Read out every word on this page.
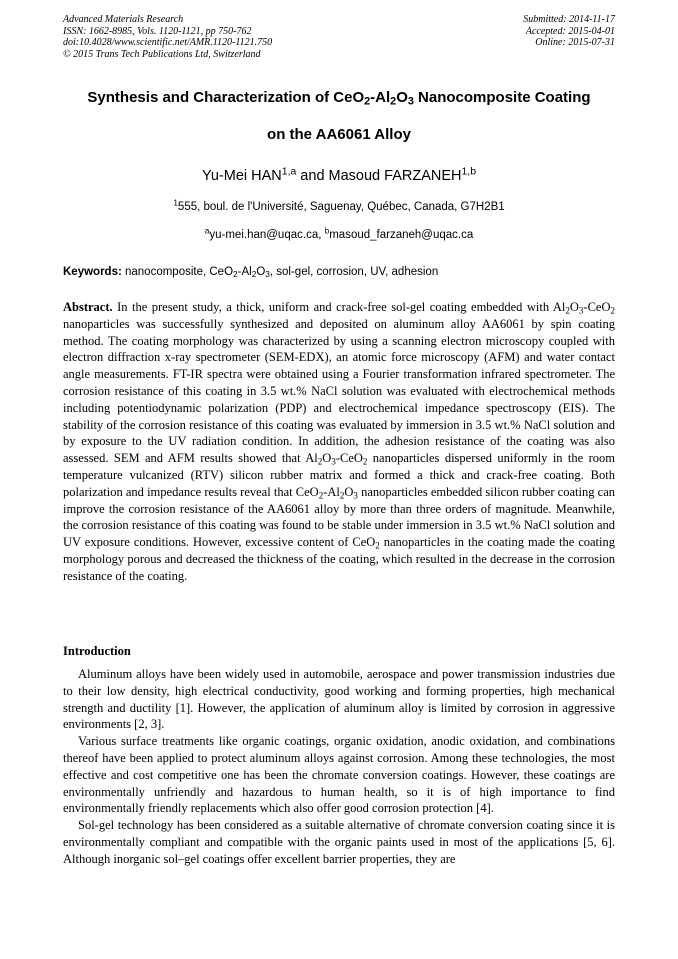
Advanced Materials Research
ISSN: 1662-8985, Vols. 1120-1121, pp 750-762
doi:10.4028/www.scientific.net/AMR.1120-1121.750
© 2015 Trans Tech Publications Ltd, Switzerland
Submitted: 2014-11-17
Accepted: 2015-04-01
Online: 2015-07-31
Synthesis and Characterization of $CeO_2-Al_2O_3$ Nanocomposite Coating
on the AA6061 Alloy
Yu-Mei HAN$^{1,a}$ and Masoud FARZANEH$^{1,b}$
$^1$555, boul. de l'Université, Saguenay, Québec, Canada, G7H2B1
$^a$yu-mei.han@uqac.ca, $^b$masoud_farzaneh@uqac.ca
Keywords: nanocomposite, $CeO_2-Al_2O_3$, sol-gel, corrosion, UV, adhesion
Abstract. In the present study, a thick, uniform and crack-free sol-gel coating embedded with $Al_2O_3-CeO_2$ nanoparticles was successfully synthesized and deposited on aluminum alloy AA6061 by spin coating method. The coating morphology was characterized by using a scanning electron microscopy coupled with electron diffraction x-ray spectrometer (SEM-EDX), an atomic force microscopy (AFM) and water contact angle measurements. FT-IR spectra were obtained using a Fourier transformation infrared spectrometer. The corrosion resistance of this coating in 3.5 wt.% NaCl solution was evaluated with electrochemical methods including potentiodynamic polarization (PDP) and electrochemical impedance spectroscopy (EIS). The stability of the corrosion resistance of this coating was evaluated by immersion in 3.5 wt.% NaCl solution and by exposure to the UV radiation condition. In addition, the adhesion resistance of the coating was also assessed. SEM and AFM results showed that $Al_2O_3-CeO_2$ nanoparticles dispersed uniformly in the room temperature vulcanized (RTV) silicon rubber matrix and formed a thick and crack-free coating. Both polarization and impedance results reveal that $CeO_2-Al_2O_3$ nanoparticles embedded silicon rubber coating can improve the corrosion resistance of the AA6061 alloy by more than three orders of magnitude. Meanwhile, the corrosion resistance of this coating was found to be stable under immersion in 3.5 wt.% NaCl solution and UV exposure conditions. However, excessive content of CeO$_2$ nanoparticles in the coating made the coating morphology porous and decreased the thickness of the coating, which resulted in the decrease in the corrosion resistance of the coating.
Introduction

Aluminum alloys have been widely used in automobile, aerospace and power transmission industries due to their low density, high electrical conductivity, good working and forming properties, high mechanical strength and ductility [1]. However, the application of aluminum alloy is limited by corrosion in aggressive environments [2, 3].

Various surface treatments like organic coatings, organic oxidation, anodic oxidation, and combinations thereof have been applied to protect aluminum alloys against corrosion. Among these technologies, the most effective and cost competitive one has been the chromate conversion coatings. However, these coatings are environmentally unfriendly and hazardous to human health, so it is of high importance to find environmentally friendly replacements which also offer good corrosion protection [4].

Sol-gel technology has been considered as a suitable alternative of chromate conversion coating since it is environmentally compliant and compatible with the organic paints used in most of the applications [5, 6]. Although inorganic sol–gel coatings offer excellent barrier properties, they are
